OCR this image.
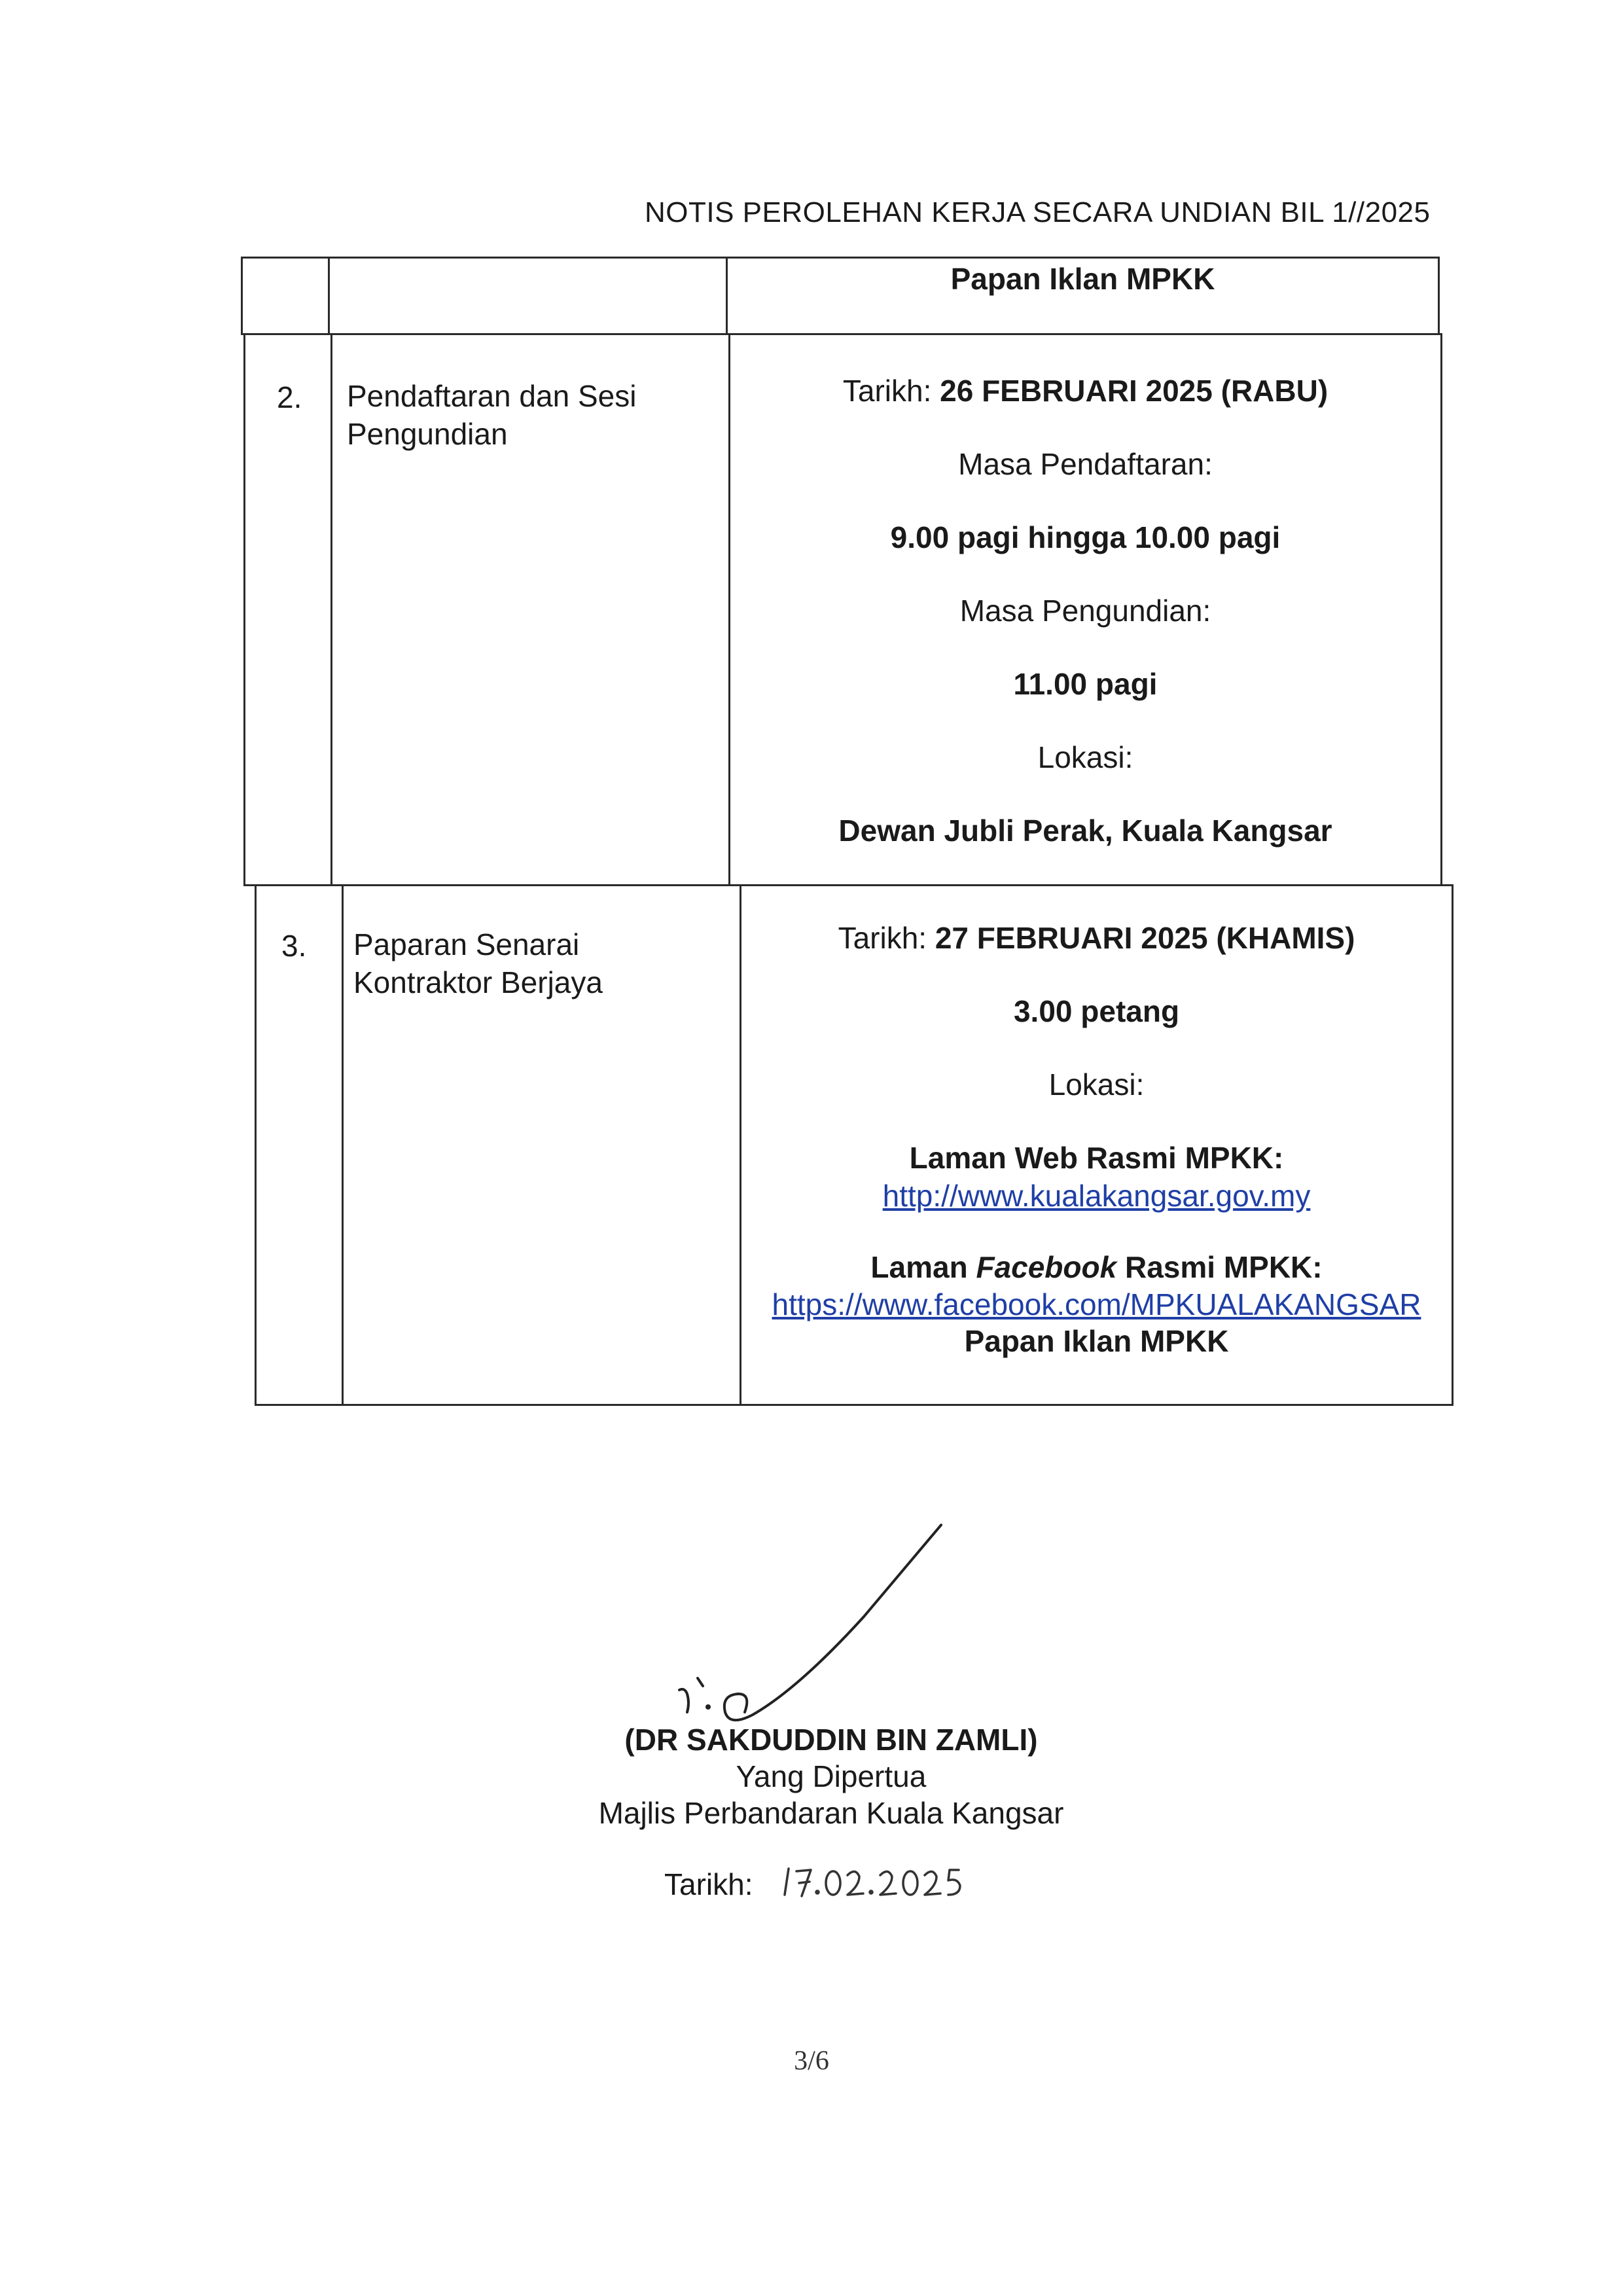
NOTIS PEROLEHAN KERJA SECARA UNDIAN BIL 1//2025
Papan Iklan MPKK
2. Pendaftaran dan Sesi
Pengundian
Tarikh: 26 FEBRUARI 2025 (RABU)
Masa Pendaftaran:
9.00 pagi hingga 10.00 pagi
Masa Pengundian:
11.00 pagi
Lokasi:
Dewan Jubli Perak, Kuala Kangsar
3. Paparan Senarai
Kontraktor Berjaya
Tarikh: 27 FEBRUARI 2025 (KHAMIS)
3.00 petang
Lokasi:
Laman Web Rasmi MPKK:
http://www.kualakangsar.gov.my
Laman Facebook Rasmi MPKK:
https://www.facebook.com/MPKUALAKANGSAR
Papan Iklan MPKK
(DR SAKDUDDIN BIN ZAMLI)
Yang Dipertua
Majlis Perbandaran Kuala Kangsar
Tarikh:
3/6
